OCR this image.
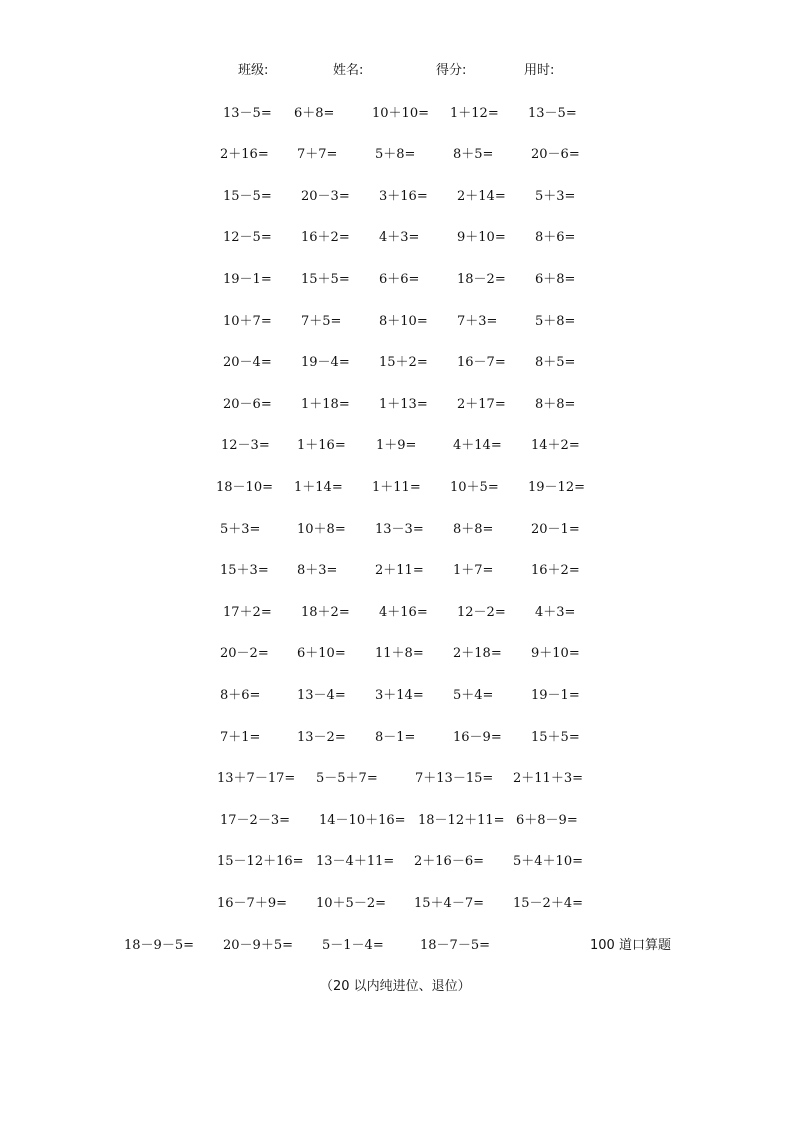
班级:	姓名:	得分:	用时:
13－5= 6＋8=	10＋10= 1＋12= 13－5=
2＋16= 7＋7=	5＋8=	8＋5=	20－6=
15－5= 20－3= 3＋16= 2＋14= 5＋3=
12－5= 16＋2= 4＋3=	9＋10= 8＋6=
19－1= 15＋5= 6＋6=	18－2= 6＋8=
10＋7= 7＋5=	8＋10= 7＋3=	5＋8=
20－4= 19－4= 15＋2= 16－7= 8＋5=
20－6= 1＋18= 1＋13= 2＋17= 8＋8=
12－3= 1＋16= 1＋9=	4＋14= 14＋2=
18－10= 1＋14= 1＋11= 10＋5= 19－12=
5＋3=	10＋8= 13－3= 8＋8=	20－1=
15＋3= 8＋3=	2＋11= 1＋7=	16＋2=
17＋2= 18＋2= 4＋16= 12－2= 4＋3=
20－2= 6＋10= 11＋8= 2＋18= 9＋10=
8＋6=	13－4= 3＋14= 5＋4=	19－1=
7＋1=	13－2= 8－1=	16－9= 15＋5=
13＋7－17= 5－5＋7=	7＋13－15= 2＋11＋3=
17－2－3= 14－10＋16= 18－12＋11= 6＋8－9=
15－12＋16= 13－4＋11= 2＋16－6= 5＋4＋10=
16－7＋9= 10＋5－2= 15＋4－7= 15－2＋4=
18－9－5= 20－9＋5= 5－1－4=	18－7－5=	100 道口算题
（20 以内纯进位、退位）
